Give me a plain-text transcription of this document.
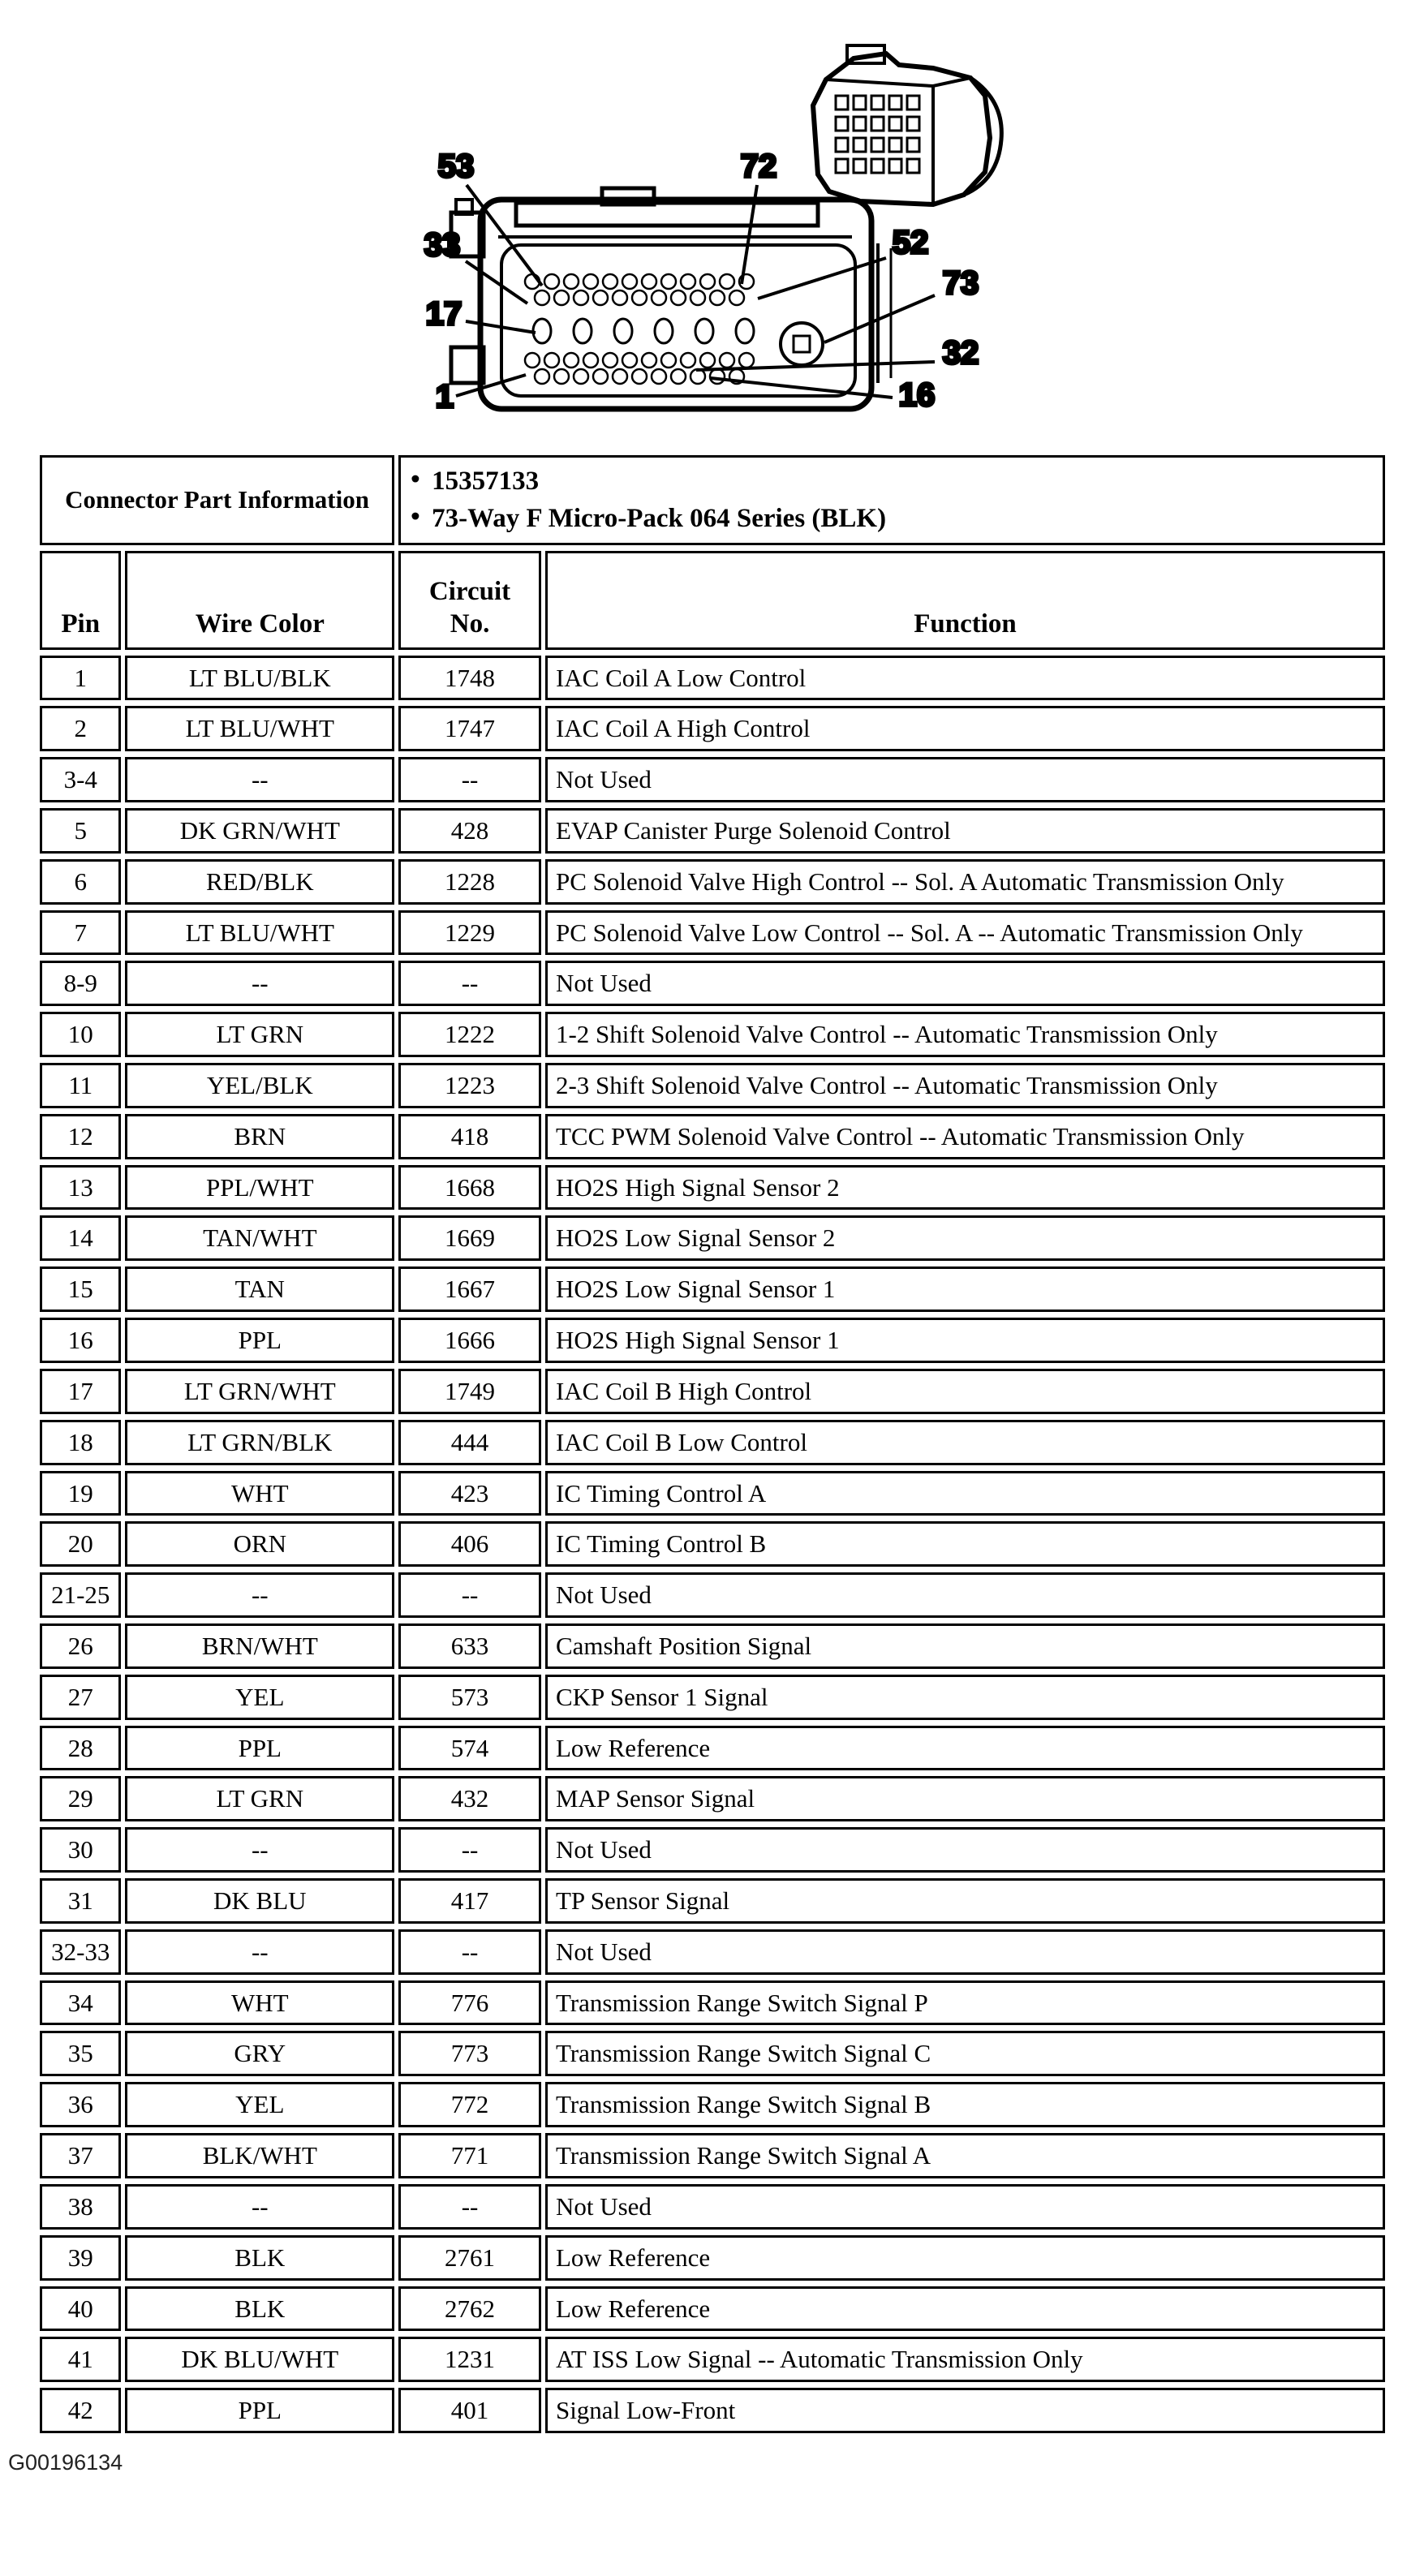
53	72
33	52
73
17
32
1	16
Connector Part Information		• 15357133
• 73-Way F Micro-Pack 064 Series (BLK)

Pin	Wire Color	Circuit No.	Function
1	LT BLU/BLK	1748	IAC Coil A Low Control
2	LT BLU/WHT	1747	IAC Coil A High Control
3-4	--	--	Not Used
5	DK GRN/WHT	428	EVAP Canister Purge Solenoid Control
6	RED/BLK	1228	PC Solenoid Valve High Control -- Sol. A Automatic Transmission Only
7	LT BLU/WHT	1229	PC Solenoid Valve Low Control -- Sol. A -- Automatic Transmission Only
8-9	--	--	Not Used
10	LT GRN	1222	1-2 Shift Solenoid Valve Control -- Automatic Transmission Only
11	YEL/BLK	1223	2-3 Shift Solenoid Valve Control -- Automatic Transmission Only
12	BRN	418	TCC PWM Solenoid Valve Control -- Automatic Transmission Only
13	PPL/WHT	1668	HO2S High Signal Sensor 2
14	TAN/WHT	1669	HO2S Low Signal Sensor 2
15	TAN	1667	HO2S Low Signal Sensor 1
16	PPL	1666	HO2S High Signal Sensor 1
17	LT GRN/WHT	1749	IAC Coil B High Control
18	LT GRN/BLK	444	IAC Coil B Low Control
19	WHT	423	IC Timing Control A
20	ORN	406	IC Timing Control B
21-25	--	--	Not Used
26	BRN/WHT	633	Camshaft Position Signal
27	YEL	573	CKP Sensor 1 Signal
28	PPL	574	Low Reference
29	LT GRN	432	MAP Sensor Signal
30	--	--	Not Used
31	DK BLU	417	TP Sensor Signal
32-33	--	--	Not Used
34	WHT	776	Transmission Range Switch Signal P
35	GRY	773	Transmission Range Switch Signal C
36	YEL	772	Transmission Range Switch Signal B
37	BLK/WHT	771	Transmission Range Switch Signal A
38	--	--	Not Used
39	BLK	2761	Low Reference
40	BLK	2762	Low Reference
41	DK BLU/WHT	1231	AT ISS Low Signal -- Automatic Transmission Only
42	PPL	401	Signal Low-Front
G00196134
